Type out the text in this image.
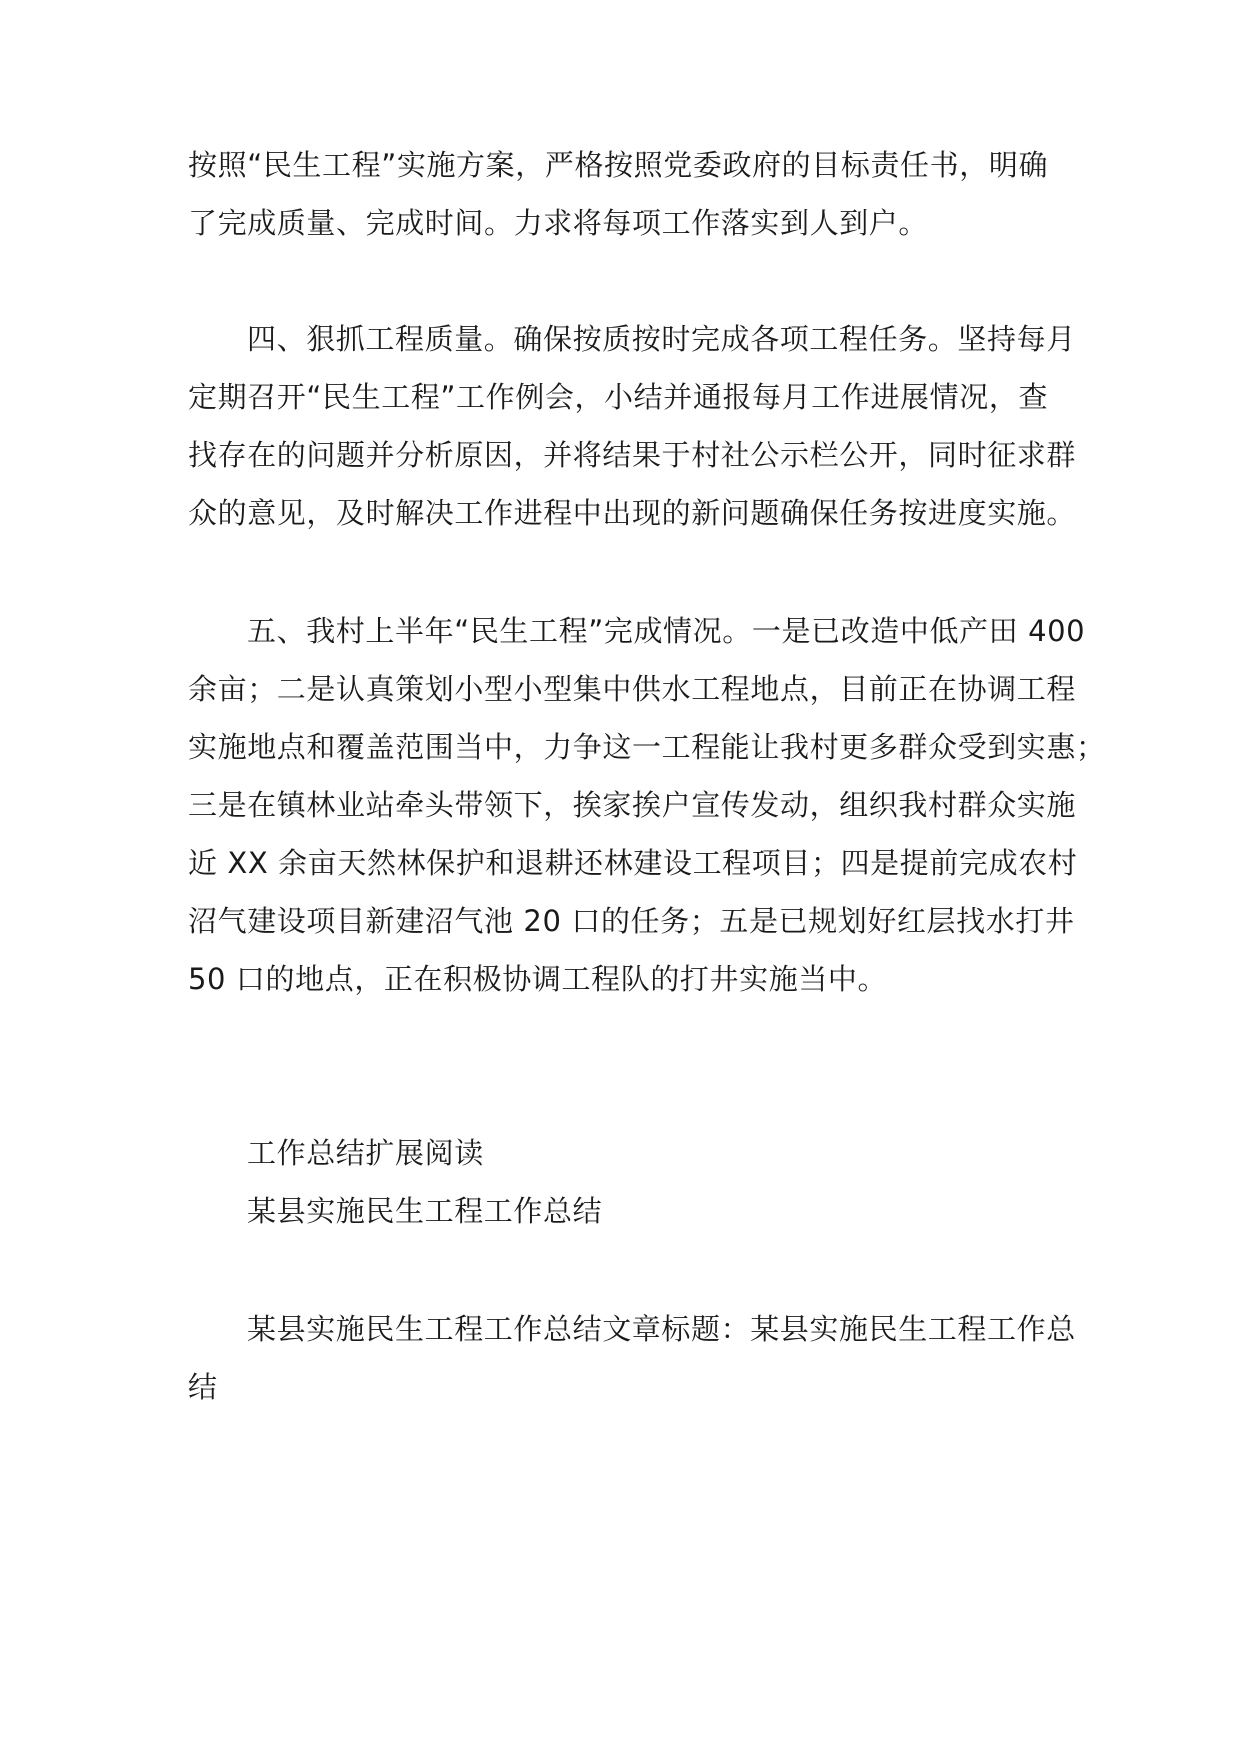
按照“民生工程”实施方案，严格按照党委政府的目标责任书，明确

了完成质量、完成时间。力求将每项工作落实到人到户。

四、狠抓工程质量。确保按质按时完成各项工程任务。坚持每月

定期召开“民生工程”工作例会，小结并通报每月工作进展情况，查

找存在的问题并分析原因，并将结果于村社公示栏公开，同时征求群

众的意见，及时解决工作进程中出现的新问题确保任务按进度实施。

五、我村上半年“民生工程”完成情况。一是已改造中低产田 400

余亩；二是认真策划小型小型集中供水工程地点，目前正在协调工程

实施地点和覆盖范围当中，力争这一工程能让我村更多群众受到实惠；

三是在镇林业站牵头带领下，挨家挨户宣传发动，组织我村群众实施

近 XX 余亩天然林保护和退耕还林建设工程项目；四是提前完成农村

沼气建设项目新建沼气池 20 口的任务；五是已规划好红层找水打井

50 口的地点，正在积极协调工程队的打井实施当中。

工作总结扩展阅读

某县实施民生工程工作总结

某县实施民生工程工作总结文章标题：某县实施民生工程工作总

结
